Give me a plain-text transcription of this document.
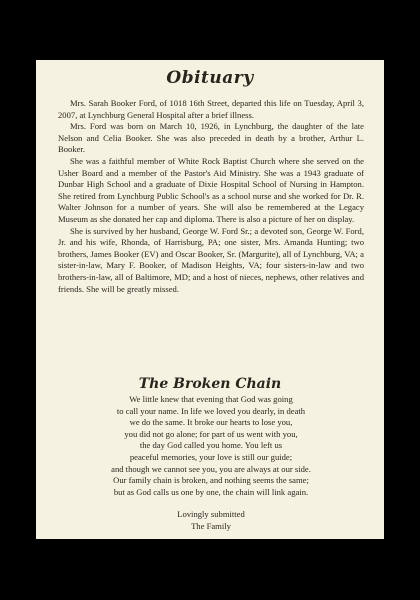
Obituary

Mrs. Sarah Booker Ford, of 1018 16th Street, departed this life on Tuesday, April 3, 2007, at Lynchburg General Hospital after a brief illness.

Mrs. Ford was born on March 10, 1926, in Lynchburg, the daughter of the late Nelson and Celia Booker. She was also preceded in death by a brother, Arthur L. Booker.

She was a faithful member of White Rock Baptist Church where she served on the Usher Board and a member of the Pastor's Aid Ministry. She was a 1943 graduate of Dunbar High School and a graduate of Dixie Hospital School of Nursing in Hampton. She retired from Lynchburg Public School's as a school nurse and she worked for Dr. R. Walter Johnson for a number of years. She will also be remembered at the Legacy Museum as she donated her cap and diploma. There is also a picture of her on display.

She is survived by her husband, George W. Ford Sr.; a devoted son, George W. Ford, Jr. and his wife, Rhonda, of Harrisburg, PA; one sister, Mrs. Amanda Hunting; two brothers, James Booker (EV) and Oscar Booker, Sr. (Margurite), all of Lynchburg, VA; a sister-in-law, Mary F. Booker, of Madison Heights, VA; four sisters-in-law and two brothers-in-law, all of Baltimore, MD; and a host of nieces, nephews, other relatives and friends. She will be greatly missed.

The Broken Chain
We little knew that evening that God was going
to call your name. In life we loved you dearly, in death
we do the same. It broke our hearts to lose you,
you did not go alone; for part of us went with you,
the day God called you home. You left us
peaceful memories, your love is still our guide;
and though we cannot see you, you are always at our side.
Our family chain is broken, and nothing seems the same;
but as God calls us one by one, the chain will link again.
Lovingly submitted
The Family
